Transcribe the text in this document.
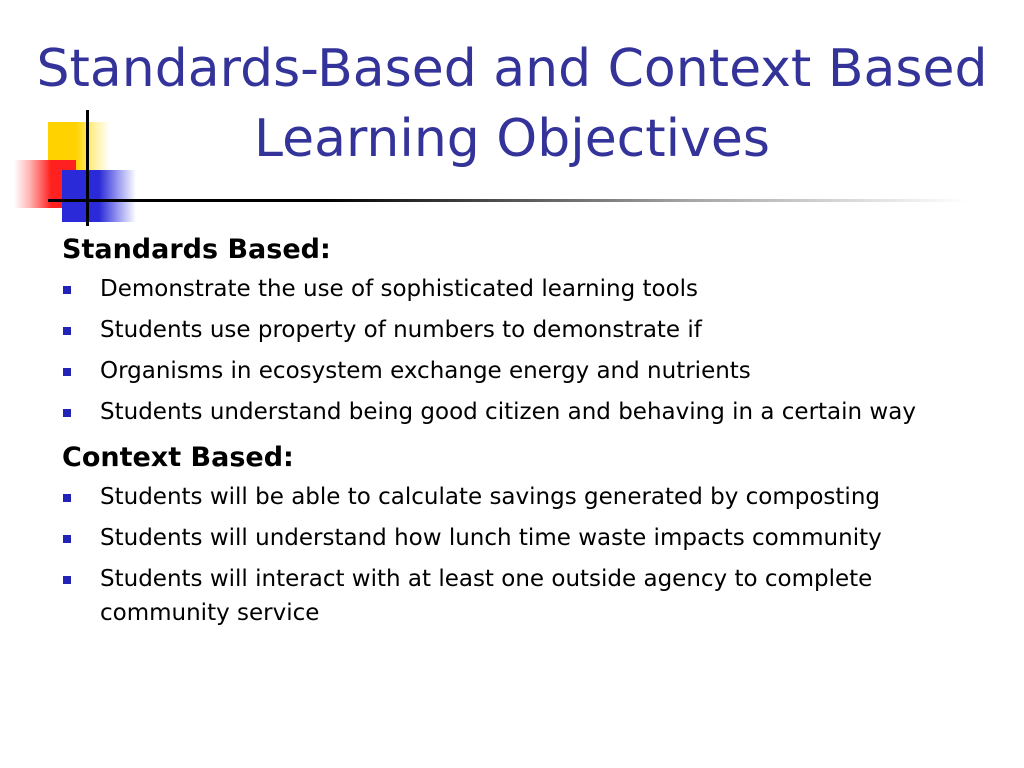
Standards-Based and Context Based
Learning Objectives

Standards Based:

Demonstrate the use of sophisticated learning tools
Students use property of numbers to demonstrate if
Organisms in ecosystem exchange energy and nutrients
Students understand being good citizen and behaving in a certain way

Context Based:

Students will be able to calculate savings generated by composting
Students will understand how lunch time waste impacts community
Students will interact with at least one outside agency to complete community service
